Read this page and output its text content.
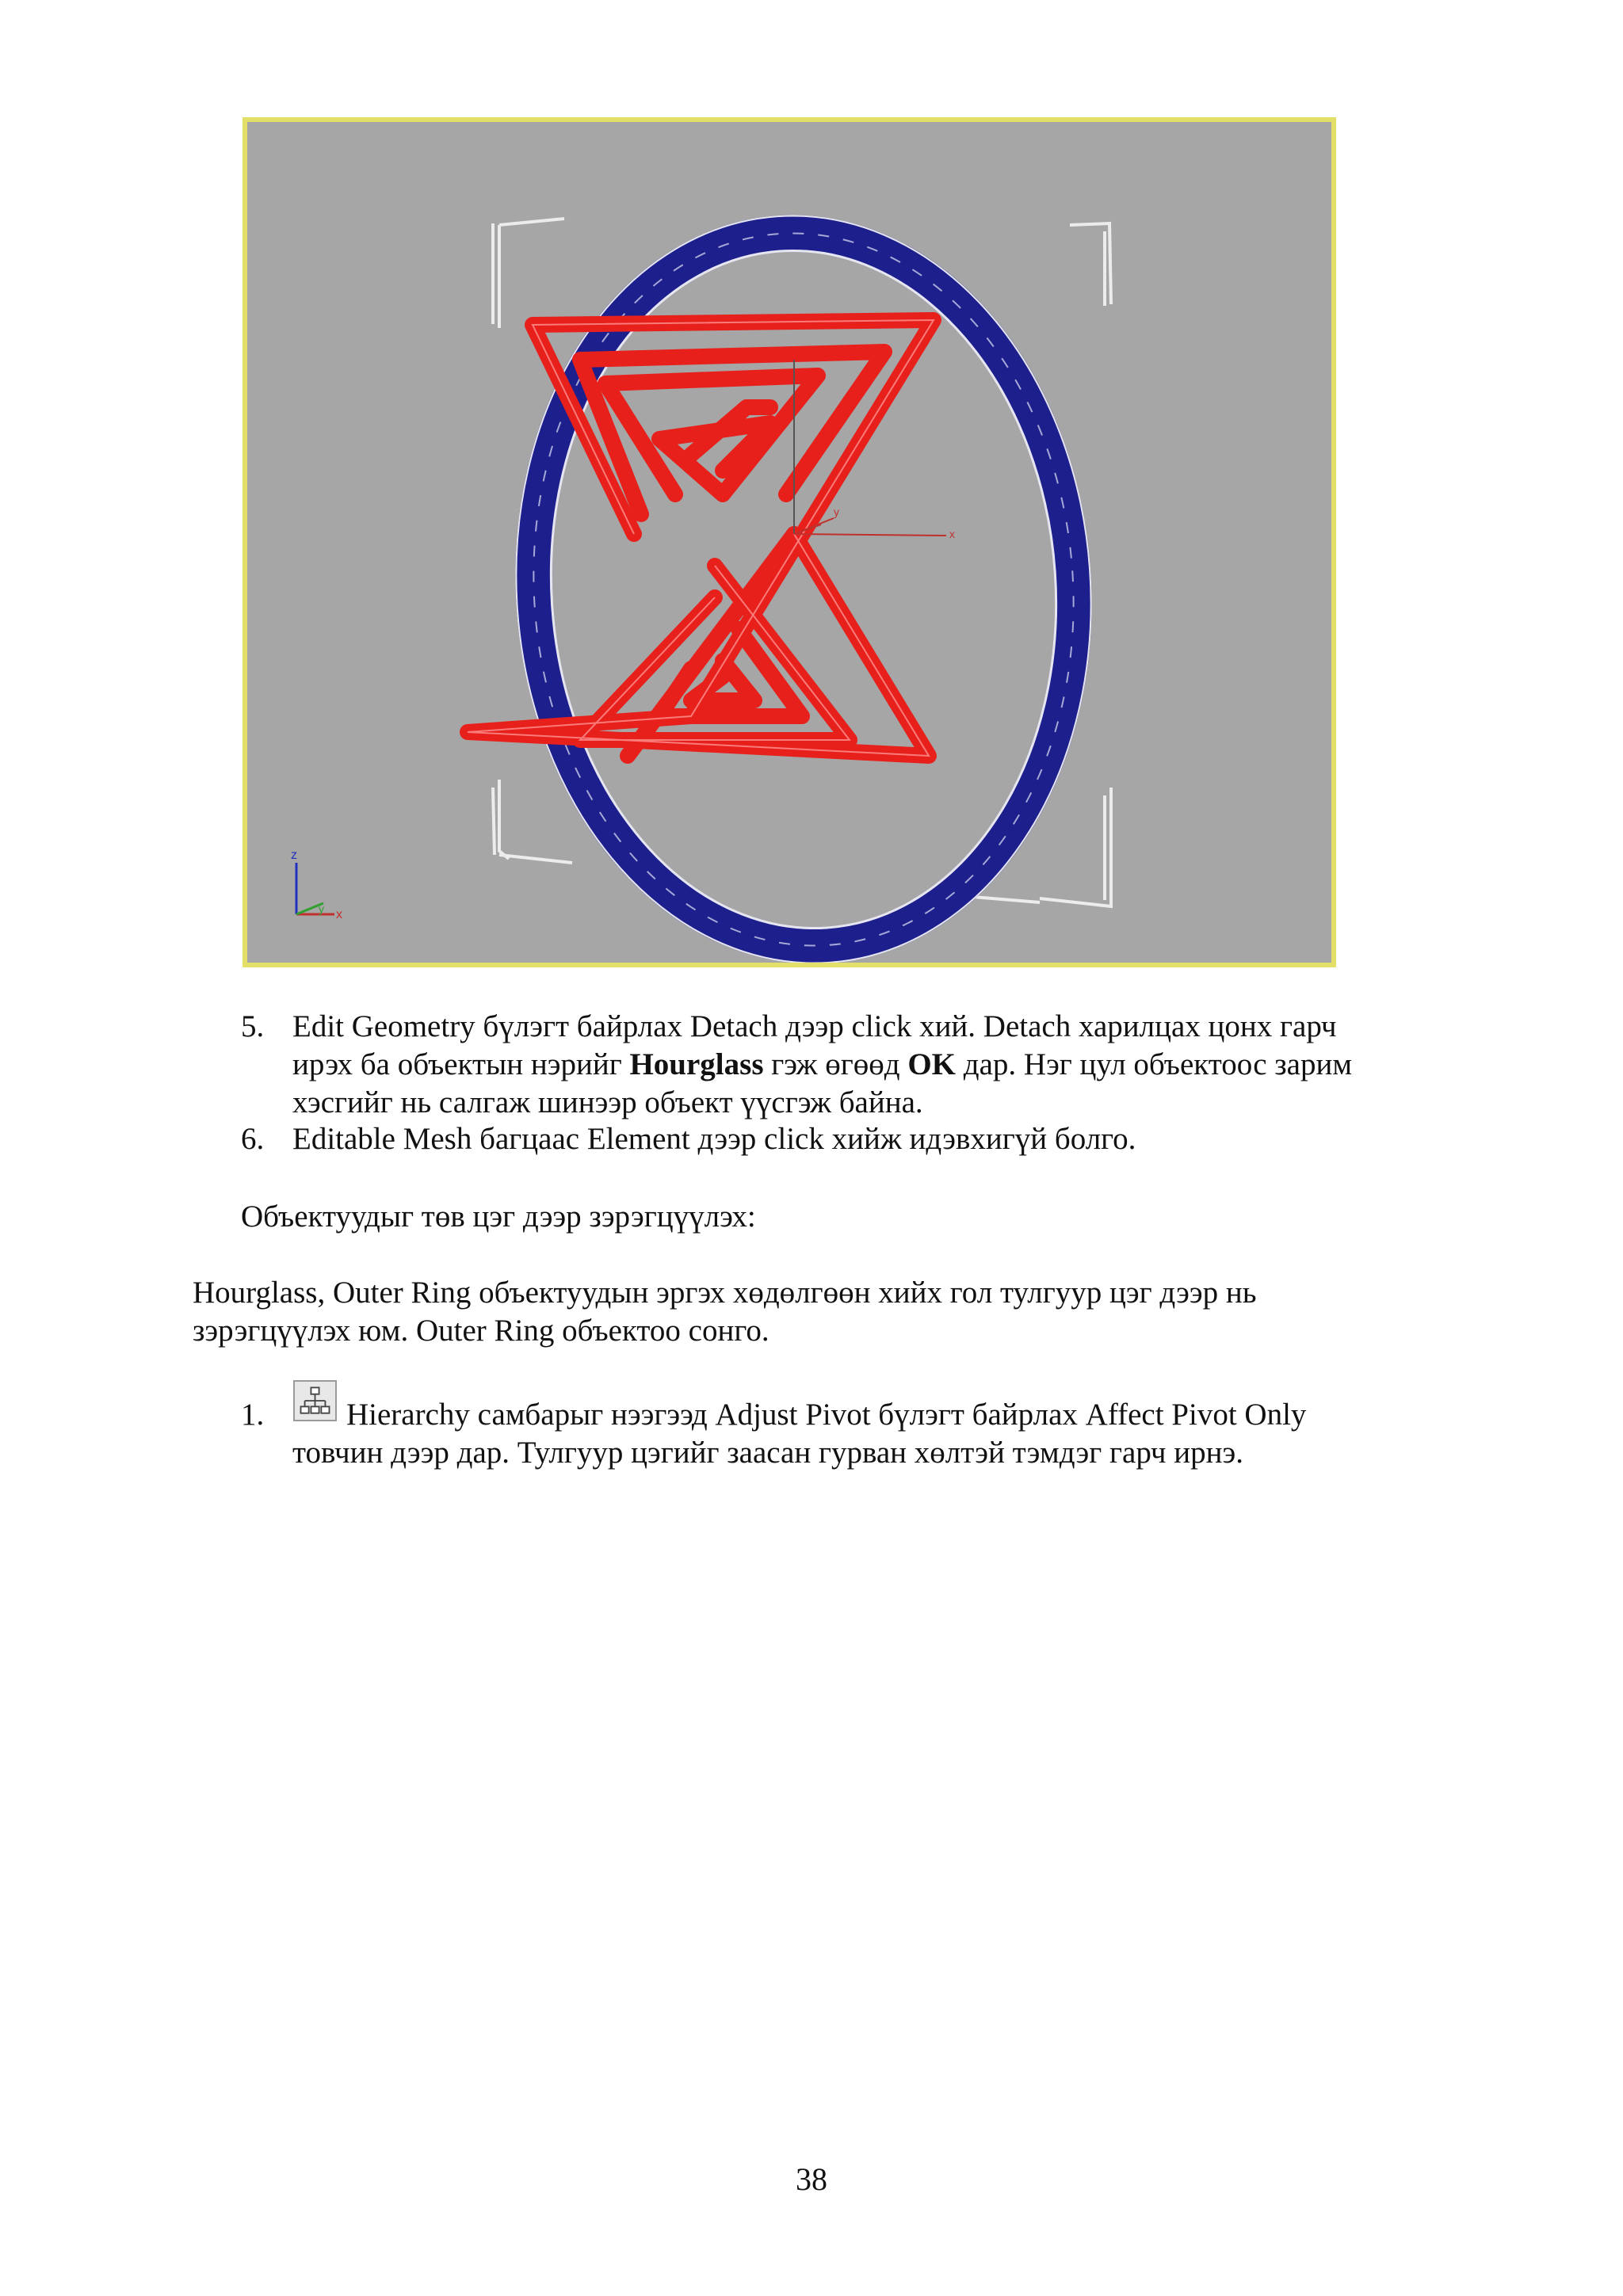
y
x
z
y x
5. Edit Geometry бүлэгт байрлах Detach дээр click хий. Detach харилцах цонх гарч
ирэх ба объектын нэрийг Hourglass гэж өгөөд OK дар. Нэг цул объектоос зарим
хэсгийг нь салгаж шинээр объект үүсгэж байна.
6. Editable Mesh багцаас Element дээр click хийж идэвхигүй болго.
Объектуудыг төв цэг дээр зэрэгцүүлэх:
Hourglass, Outer Ring объектуудын эргэх хөдөлгөөн хийх гол тулгуур цэг дээр нь
зэрэгцүүлэх юм. Outer Ring объектоо сонго.
1.	Hierarchy самбарыг нээгээд Adjust Pivot бүлэгт байрлах Affect Pivot Only
товчин дээр дар. Тулгуур цэгийг заасан гурван хөлтэй тэмдэг гарч ирнэ.
38
